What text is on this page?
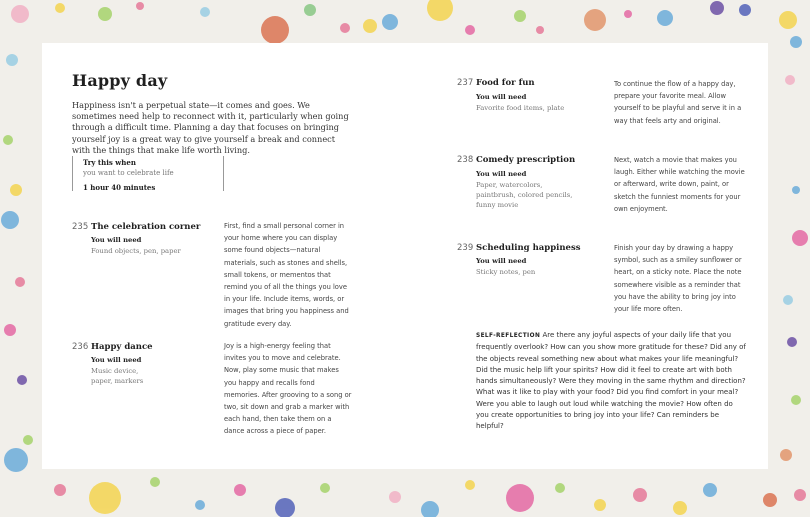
Happy day
Happiness isn't a perpetual state—it comes and goes. We sometimes need help to reconnect with it, particularly when going through a difficult time. Planning a day that focuses on bringing yourself joy is a great way to give yourself a break and connect with the things that make life worth living.
Try this when
you want to celebrate life
1 hour 40 minutes
235 The celebration corner
You will need
Found objects, pen, paper
First, find a small personal corner in your home where you can display some found objects—natural materials, such as stones and shells, small tokens, or mementos that remind you of all the things you love in your life. Include items, words, or images that bring you happiness and gratitude every day.
236 Happy dance
You will need
Music device, paper, markers
Joy is a high-energy feeling that invites you to move and celebrate. Now, play some music that makes you happy and recalls fond memories. After grooving to a song or two, sit down and grab a marker with each hand, then take them on a dance across a piece of paper.
237 Food for fun
You will need
Favorite food items, plate
To continue the flow of a happy day, prepare your favorite meal. Allow yourself to be playful and serve it in a way that feels arty and original.
238 Comedy prescription
You will need
Paper, watercolors, paintbrush, colored pencils, funny movie
Next, watch a movie that makes you laugh. Either while watching the movie or afterward, write down, paint, or sketch the funniest moments for your own enjoyment.
239 Scheduling happiness
You will need
Sticky notes, pen
Finish your day by drawing a happy symbol, such as a smiley sunflower or heart, on a sticky note. Place the note somewhere visible as a reminder that you have the ability to bring joy into your life more often.
SELF-REFLECTION Are there any joyful aspects of your daily life that you frequently overlook? How can you show more gratitude for these? Did any of the objects reveal something new about what makes your life meaningful? Did the music help lift your spirits? How did it feel to create art with both hands simultaneously? Were they moving in the same rhythm and direction? What was it like to play with your food? Did you find comfort in your meal? Were you able to laugh out loud while watching the movie? How often do you create opportunities to bring joy into your life? Can reminders be helpful?
